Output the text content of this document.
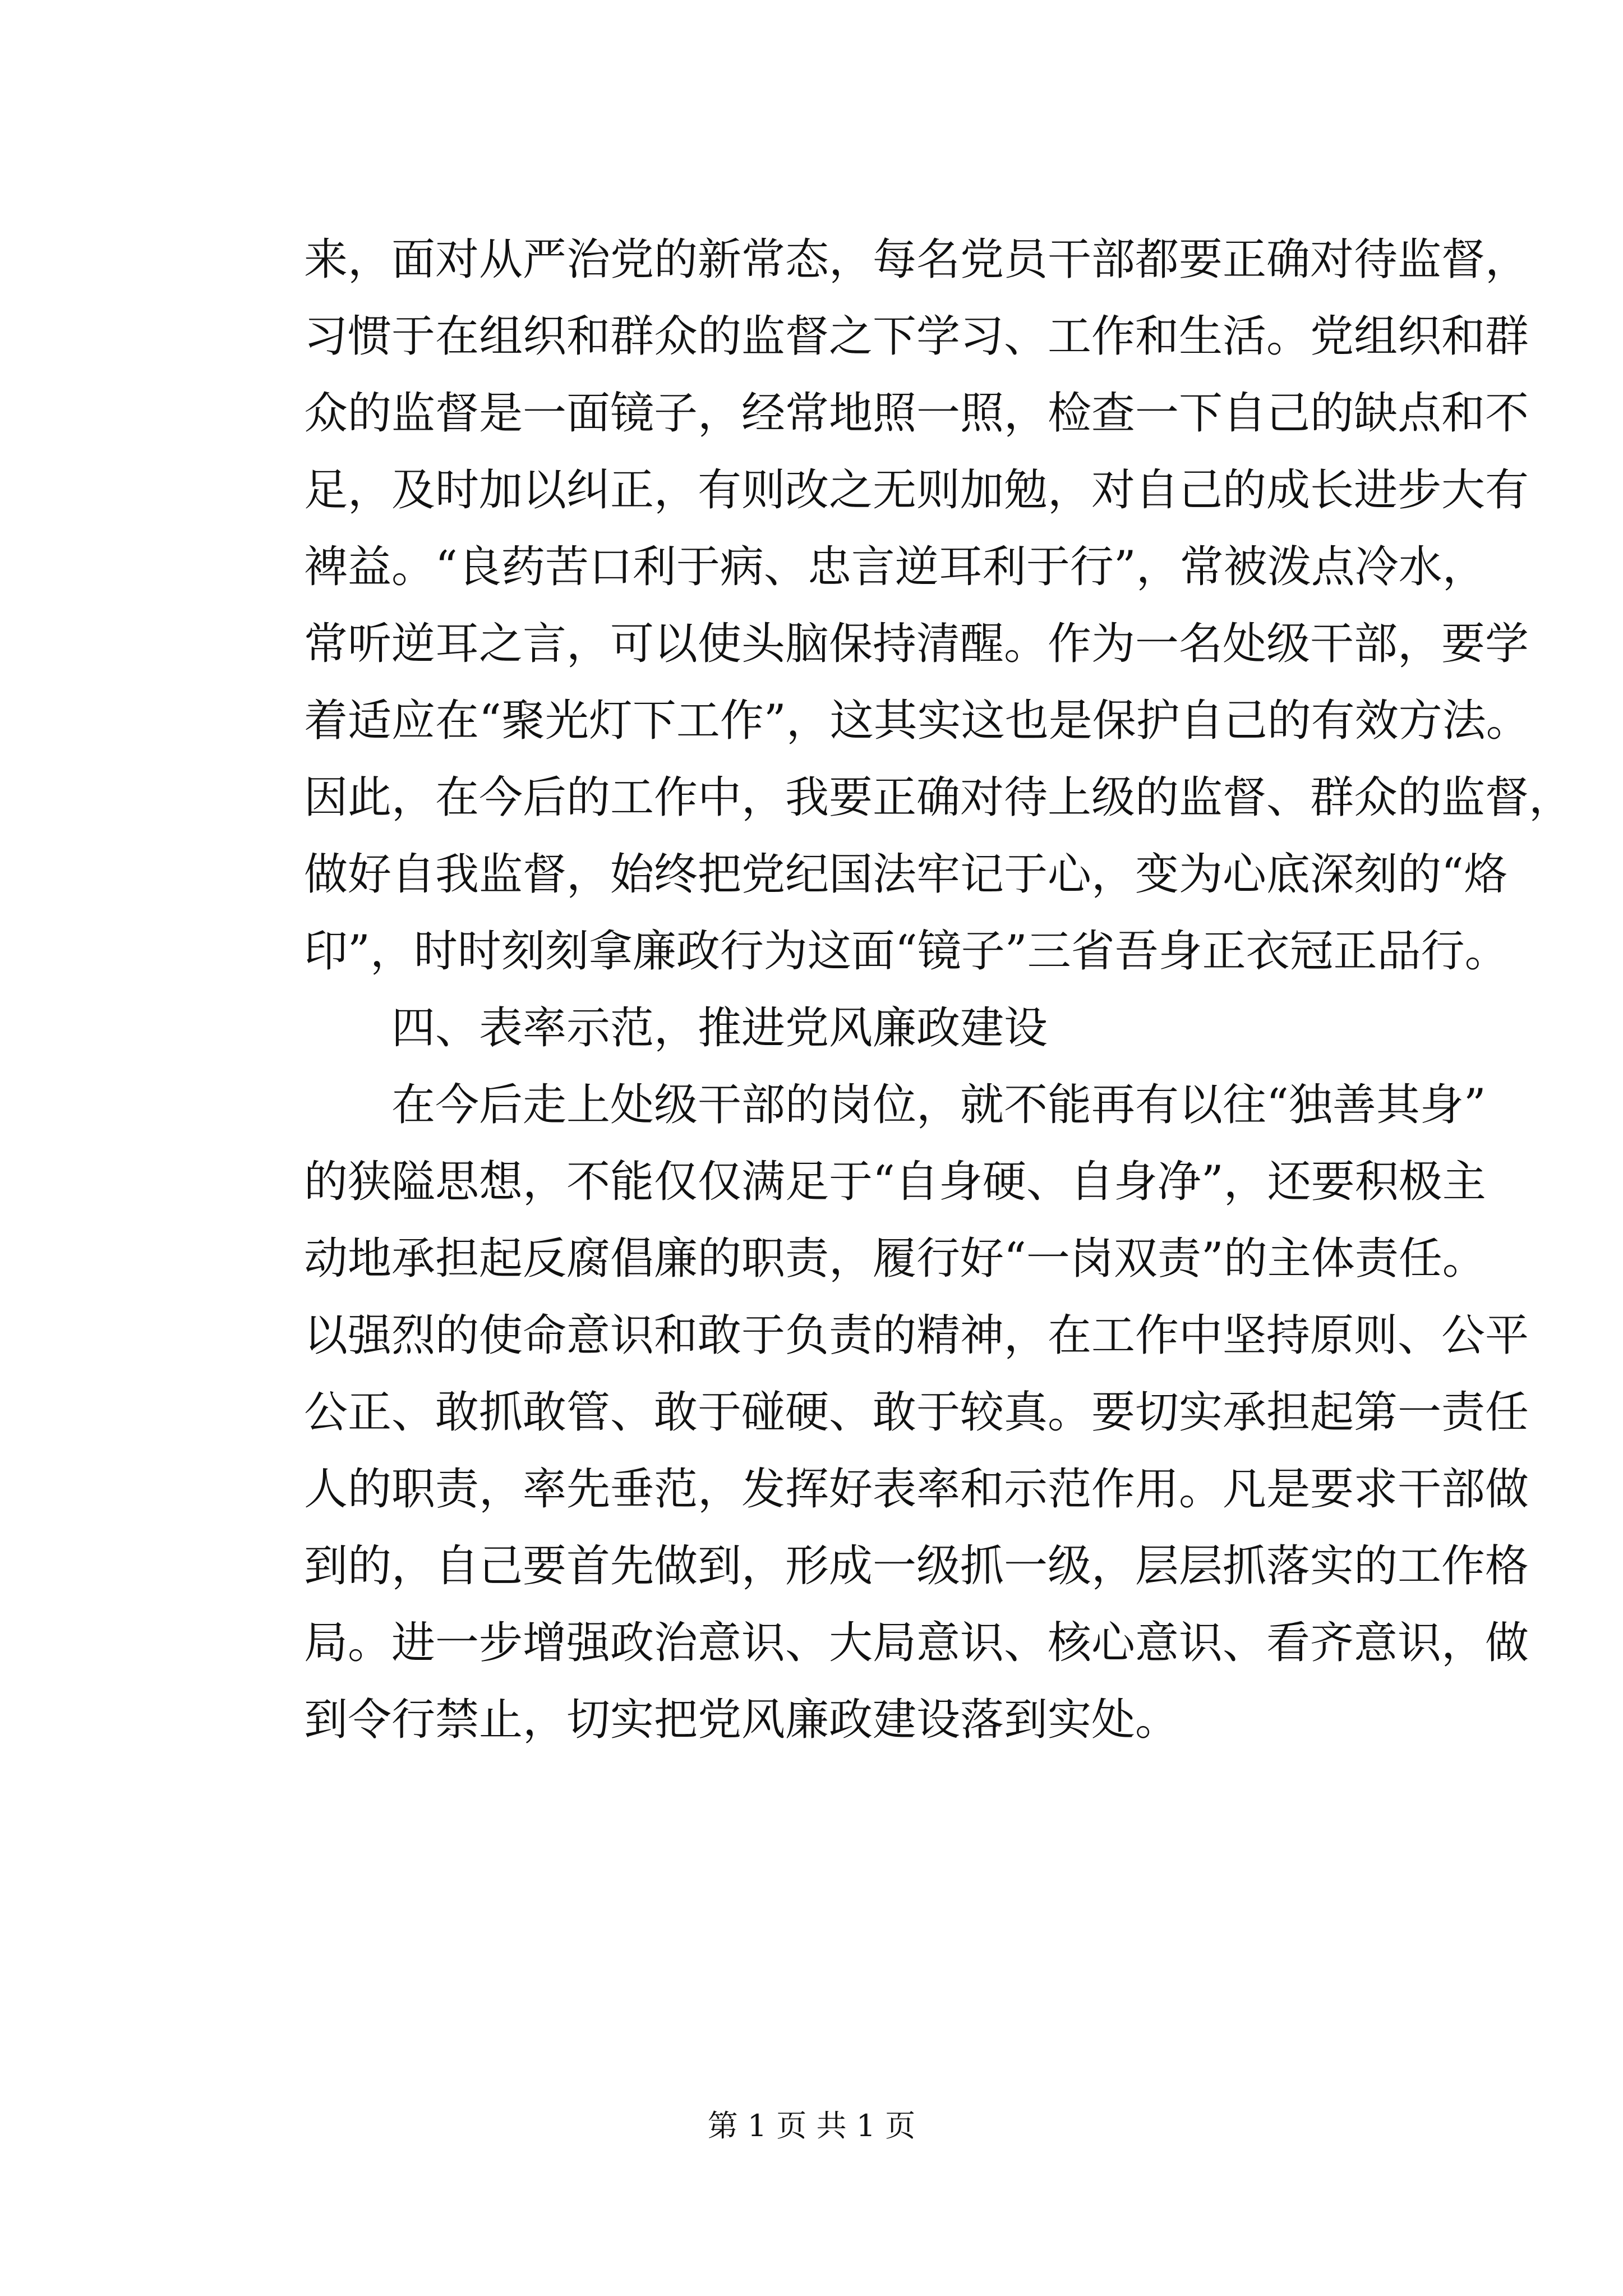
来，面对从严治党的新常态，每名党员干部都要正确对待监督，
习惯于在组织和群众的监督之下学习、工作和生活。党组织和群
众的监督是一面镜子，经常地照一照，检查一下自己的缺点和不
足，及时加以纠正，有则改之无则加勉，对自己的成长进步大有
裨益。“良药苦口利于病、忠言逆耳利于行”，常被泼点冷水，
常听逆耳之言，可以使头脑保持清醒。作为一名处级干部，要学
着适应在“聚光灯下工作”，这其实这也是保护自己的有效方法。
因此，在今后的工作中，我要正确对待上级的监督、群众的监督，
做好自我监督，始终把党纪国法牢记于心，变为心底深刻的“烙
印”，时时刻刻拿廉政行为这面“镜子”三省吾身正衣冠正品行。
四、表率示范，推进党风廉政建设
在今后走上处级干部的岗位，就不能再有以往“独善其身”
的狭隘思想，不能仅仅满足于“自身硬、自身净”，还要积极主
动地承担起反腐倡廉的职责，履行好“一岗双责”的主体责任。
以强烈的使命意识和敢于负责的精神，在工作中坚持原则、公平
公正、敢抓敢管、敢于碰硬、敢于较真。要切实承担起第一责任
人的职责，率先垂范，发挥好表率和示范作用。凡是要求干部做
到的，自己要首先做到，形成一级抓一级，层层抓落实的工作格
局。进一步增强政治意识、大局意识、核心意识、看齐意识，做
到令行禁止，切实把党风廉政建设落到实处。
第 1 页 共 1 页
